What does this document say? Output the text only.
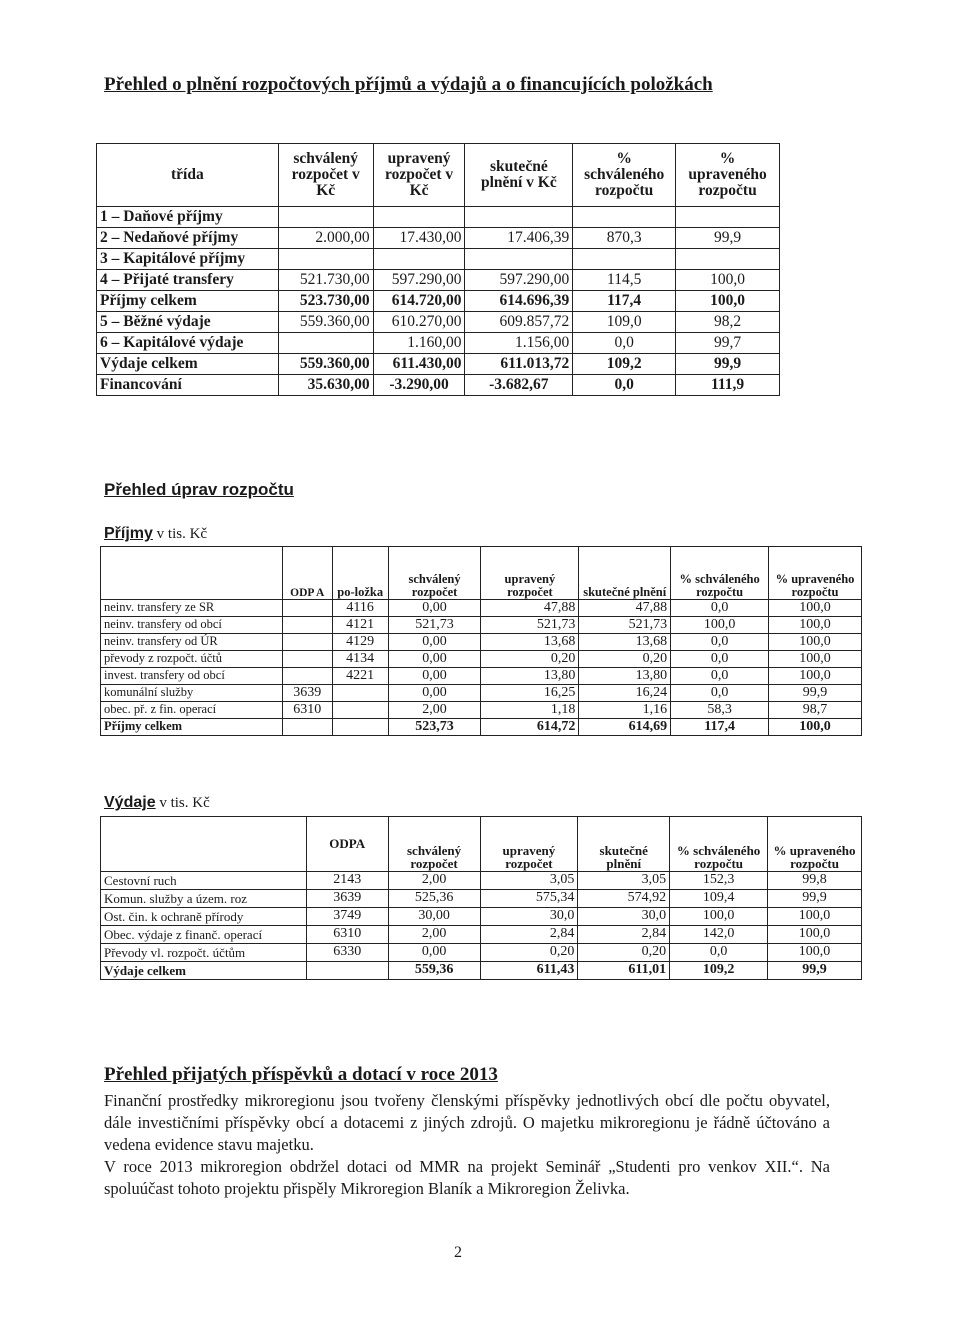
Přehled o plnění rozpočtových příjmů a výdajů a o financujících položkách
třída	schválený rozpočet v Kč	upravený rozpočet v Kč	skutečné plnění v Kč	% schváleného rozpočtu	% upraveného rozpočtu
1 – Daňové příjmy					
2 – Nedaňové příjmy	2.000,00	17.430,00	17.406,39	870,3	99,9
3 – Kapitálové příjmy					
4 – Přijaté transfery	521.730,00	597.290,00	597.290,00	114,5	100,0
Příjmy celkem	523.730,00	614.720,00	614.696,39	117,4	100,0
5 – Běžné výdaje	559.360,00	610.270,00	609.857,72	109,0	98,2
6 – Kapitálové výdaje		1.160,00	1.156,00	0,0	99,7
Výdaje celkem	559.360,00	611.430,00	611.013,72	109,2	99,9
Financování	35.630,00	-3.290,00	-3.682,67	0,0	111,9
Přehled úprav rozpočtu
Příjmy v tis. Kč
	ODP A	po-ložka	schválený rozpočet	upravený rozpočet	skutečné plnění	% schváleného rozpočtu	% upraveného rozpočtu
neinv. transfery ze SR		4116	0,00	47,88	47,88	0,0	100,0
neinv. transfery od obcí		4121	521,73	521,73	521,73	100,0	100,0
neinv. transfery od ÚR		4129	0,00	13,68	13,68	0,0	100,0
převody z rozpočt. účtů		4134	0,00	0,20	0,20	0,0	100,0
invest. transfery od obcí		4221	0,00	13,80	13,80	0,0	100,0
komunální služby	3639		0,00	16,25	16,24	0,0	99,9
obec. př. z fin. operací	6310		2,00	1,18	1,16	58,3	98,7
Příjmy celkem			523,73	614,72	614,69	117,4	100,0
Výdaje v tis. Kč
	ODPA	schválený rozpočet	upravený rozpočet	skutečné plnění	% schváleného rozpočtu	% upraveného rozpočtu
Cestovní ruch	2143	2,00	3,05	3,05	152,3	99,8
Komun. služby a územ. roz	3639	525,36	575,34	574,92	109,4	99,9
Ost. čin. k ochraně přírody	3749	30,00	30,0	30,0	100,0	100,0
Obec. výdaje z finanč. operací	6310	2,00	2,84	2,84	142,0	100,0
Převody vl. rozpočt. účtům	6330	0,00	0,20	0,20	0,0	100,0
Výdaje celkem		559,36	611,43	611,01	109,2	99,9
Přehled přijatých příspěvků a dotací v roce 2013

Finanční prostředky mikroregionu jsou tvořeny členskými příspěvky jednotlivých obcí dle počtu obyvatel, dále investičními příspěvky obcí a dotacemi z jiných zdrojů. O majetku mikroregionu je řádně účtováno a vedena evidence stavu majetku.

V roce 2013 mikroregion obdržel dotaci od MMR na projekt Seminář „Studenti pro venkov XII.“. Na spoluúčast tohoto projektu přispěly Mikroregion Blaník a Mikroregion Želivka.

2
